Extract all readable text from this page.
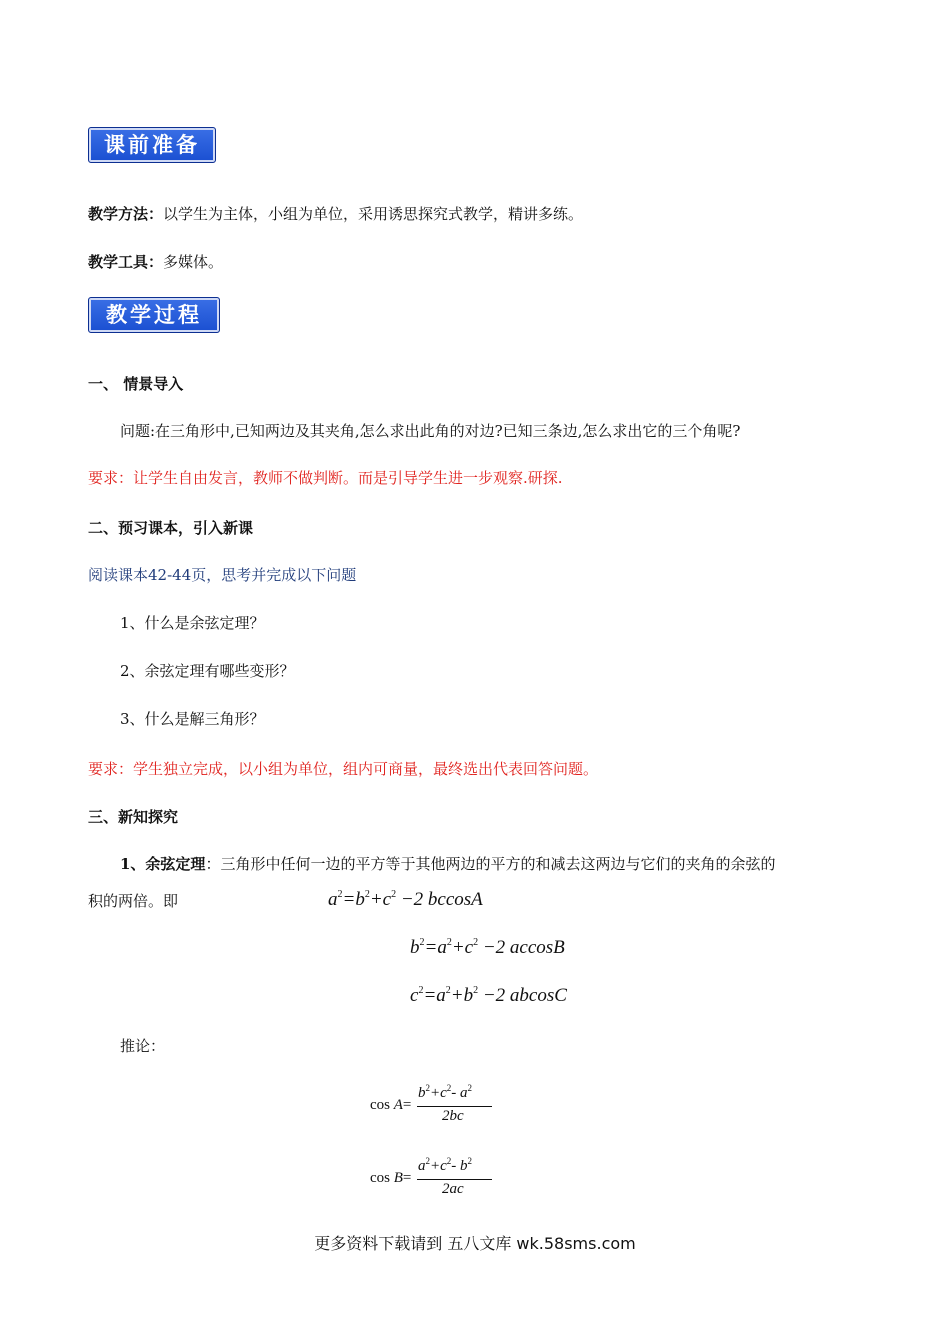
课前准备
教学方法：以学生为主体，小组为单位，采用诱思探究式教学，精讲多练。
教学工具：多媒体。
教学过程
一、 情景导入
问题:在三角形中,已知两边及其夹角,怎么求出此角的对边?已知三条边,怎么求出它的三个角呢?
要求：让学生自由发言，教师不做判断。而是引导学生进一步观察.研探.
二、预习课本，引入新课
阅读课本42-44页，思考并完成以下问题
1、什么是余弦定理？
2、余弦定理有哪些变形？
3、什么是解三角形？
要求：学生独立完成，以小组为单位，组内可商量，最终选出代表回答问题。
三、新知探究
1、余弦定理：三角形中任何一边的平方等于其他两边的平方的和减去这两边与它们的夹角的余弦的
积的两倍。即	$a^2=b^2+c^2 -2$ bccosA
$b^2=a^2+c^2 -2$ accosB
$c^2=a^2+b^2 -2$ abcosC
推论：
cos A=
$b^2+c^2-$ $a^2$
2bc
cos B=
$a^2+c^2-$ $b^2$
2ac
更多资料下载请到 五八文库 wk.58sms.com
